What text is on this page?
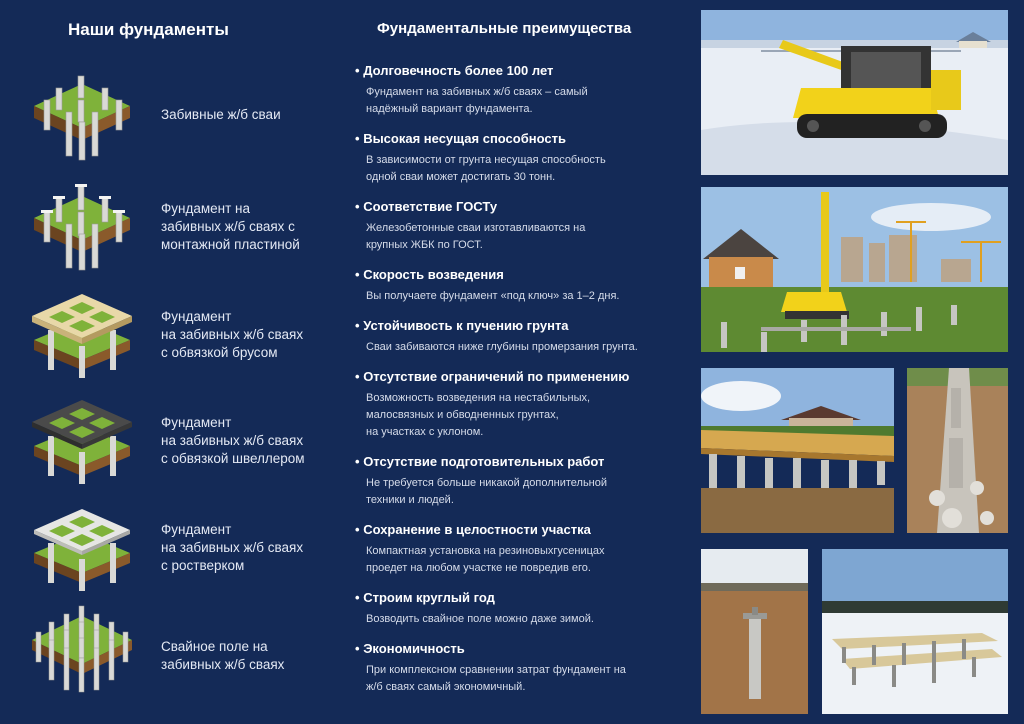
Наши фундаменты
Забивные ж/б сваи
Фундамент на
забивных ж/б сваях с
монтажной пластиной
Фундамент
на забивных ж/б сваях
с обвязкой брусом
Фундамент
на забивных ж/б сваях
с обвязкой швеллером
Фундамент
на забивных ж/б сваях
с ростверком
Свайное поле на
забивных ж/б сваях
Фундаментальные преимущества
• Долговечность более 100 лет
Фундамент на забивных ж/б сваях – самый
надёжный вариант фундамента.
• Высокая несущая способность
В зависимости от грунта несущая способность
одной сваи может достигать 30 тонн.
• Соответствие ГОСТу
Железобетонные сваи изготавливаются на
крупных ЖБК по ГОСТ.
• Скорость возведения
Вы получаете фундамент «под ключ» за 1–2 дня.
• Устойчивость к пучению грунта
Сваи забиваются ниже глубины промерзания грунта.
• Отсутствие ограничений по применению
Возможность возведения на нестабильных,
малосвязных и обводненных грунтах,
на участках с уклоном.
• Отсутствие подготовительных работ
Не требуется больше никакой дополнительной
техники и людей.
• Сохранение в целостности участка
Компактная установка на резиновыхгусеницах
проедет на любом участке не повредив его.
• Строим круглый год
Возводить свайное поле можно даже зимой.
• Экономичность
При комплексном сравнении затрат фундамент на
ж/б сваях самый экономичный.
